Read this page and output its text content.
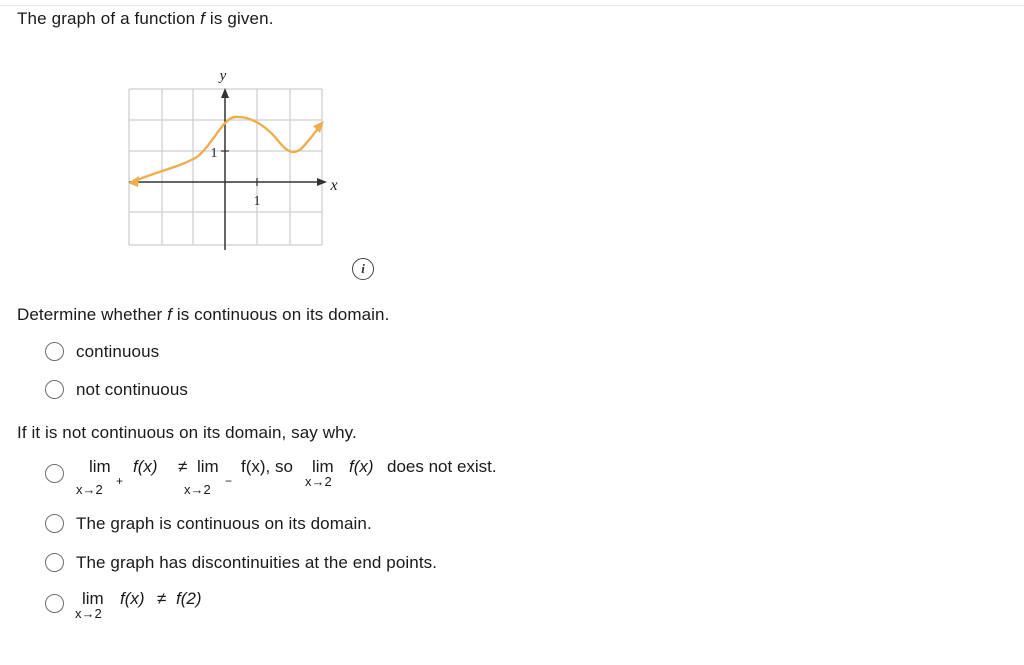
The graph of a function f is given.
y
x
1
1
i
Determine whether f is continuous on its domain.
continuous
not continuous
If it is not continuous on its domain, say why.
lim
x→2
+
f(x) ≠ lim
x→2
−
f(x), so lim
x→2
f(x) does not exist.
The graph is continuous on its domain.
The graph has discontinuities at the end points.
lim
x→2
f(x) ≠ f(2)
